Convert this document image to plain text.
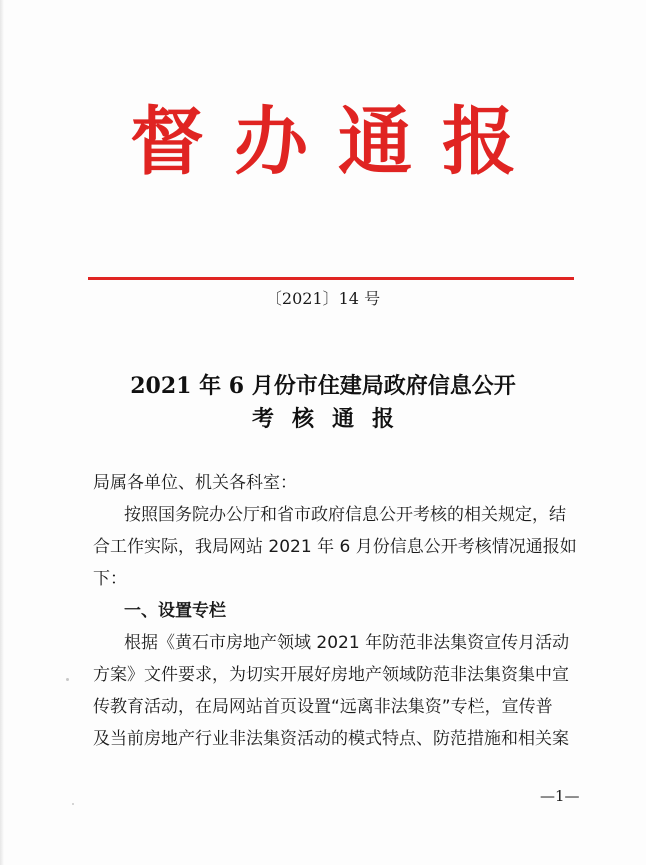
督办通报
〔2021〕14 号
2021 年 6 月份市住建局政府信息公开
考核通报
局属各单位、机关各科室：
按照国务院办公厅和省市政府信息公开考核的相关规定，结
合工作实际，我局网站 2021 年 6 月份信息公开考核情况通报如
下：
一、设置专栏
根据《黄石市房地产领域 2021 年防范非法集资宣传月活动
方案》文件要求，为切实开展好房地产领域防范非法集资集中宣
传教育活动，在局网站首页设置“远离非法集资”专栏，宣传普
及当前房地产行业非法集资活动的模式特点、防范措施和相关案
—1—
